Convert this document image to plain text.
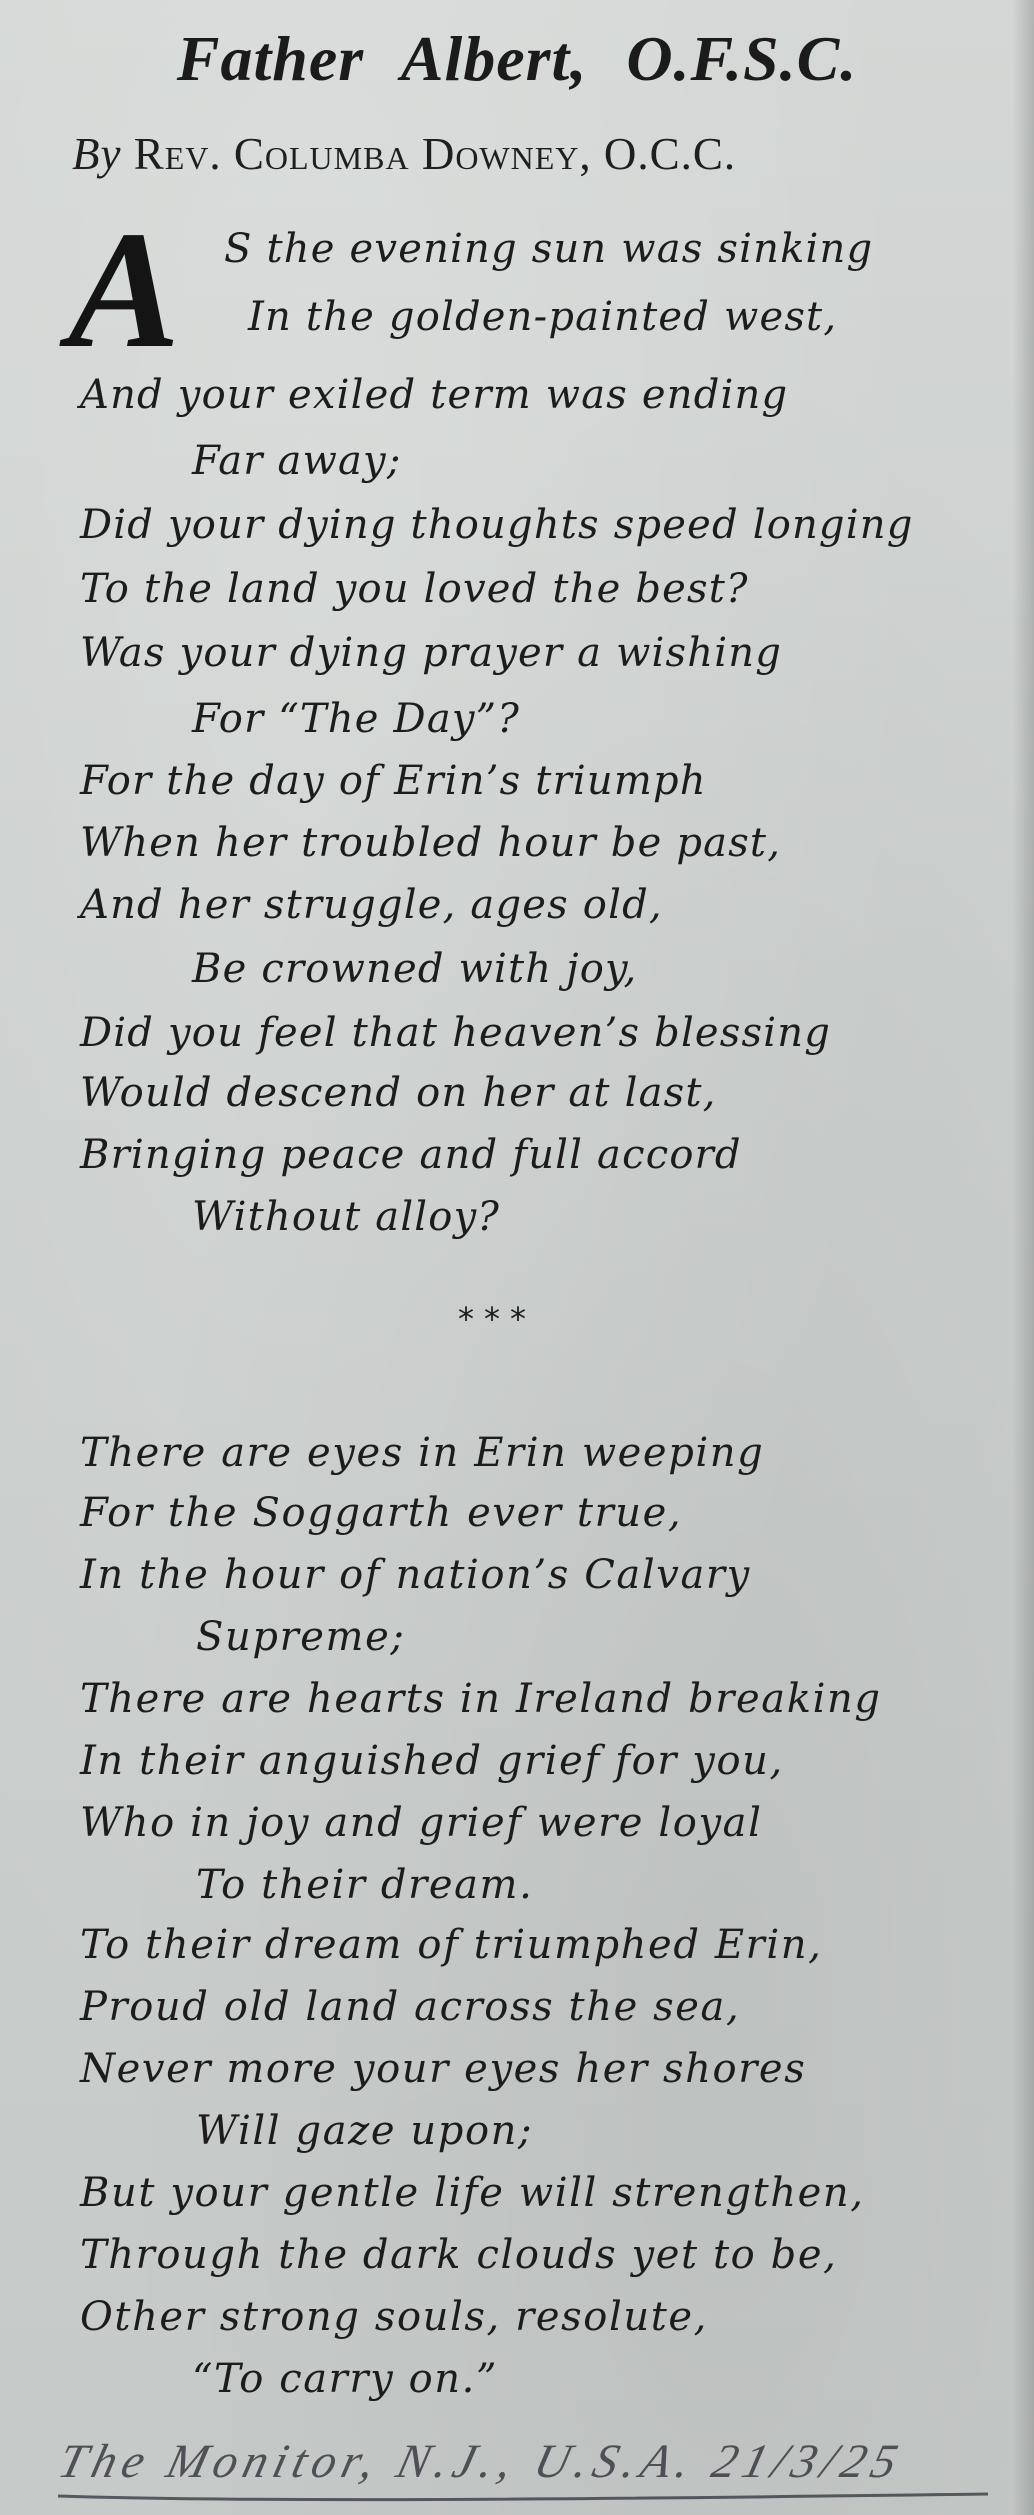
Father Albert, O.F.S.C.
By Rev. Columba Downey, O.C.C.
A S the evening sun was sinking
In the golden-painted west,
And your exiled term was ending
Far away;
Did your dying thoughts speed longing
To the land you loved the best?
Was your dying prayer a wishing
For “The Day”?
For the day of Erin’s triumph
When her troubled hour be past,
And her struggle, ages old,
Be crowned with joy,
Did you feel that heaven’s blessing
Would descend on her at last,
Bringing peace and full accord
Without alloy?
***
There are eyes in Erin weeping
For the Soggarth ever true,
In the hour of nation’s Calvary
Supreme;
There are hearts in Ireland breaking
In their anguished grief for you,
Who in joy and grief were loyal
To their dream.
To their dream of triumphed Erin,
Proud old land across the sea,
Never more your eyes her shores
Will gaze upon;
But your gentle life will strengthen,
Through the dark clouds yet to be,
Other strong souls, resolute,
“To carry on.”
The Monitor, N.J., U.S.A. 21/3/25
